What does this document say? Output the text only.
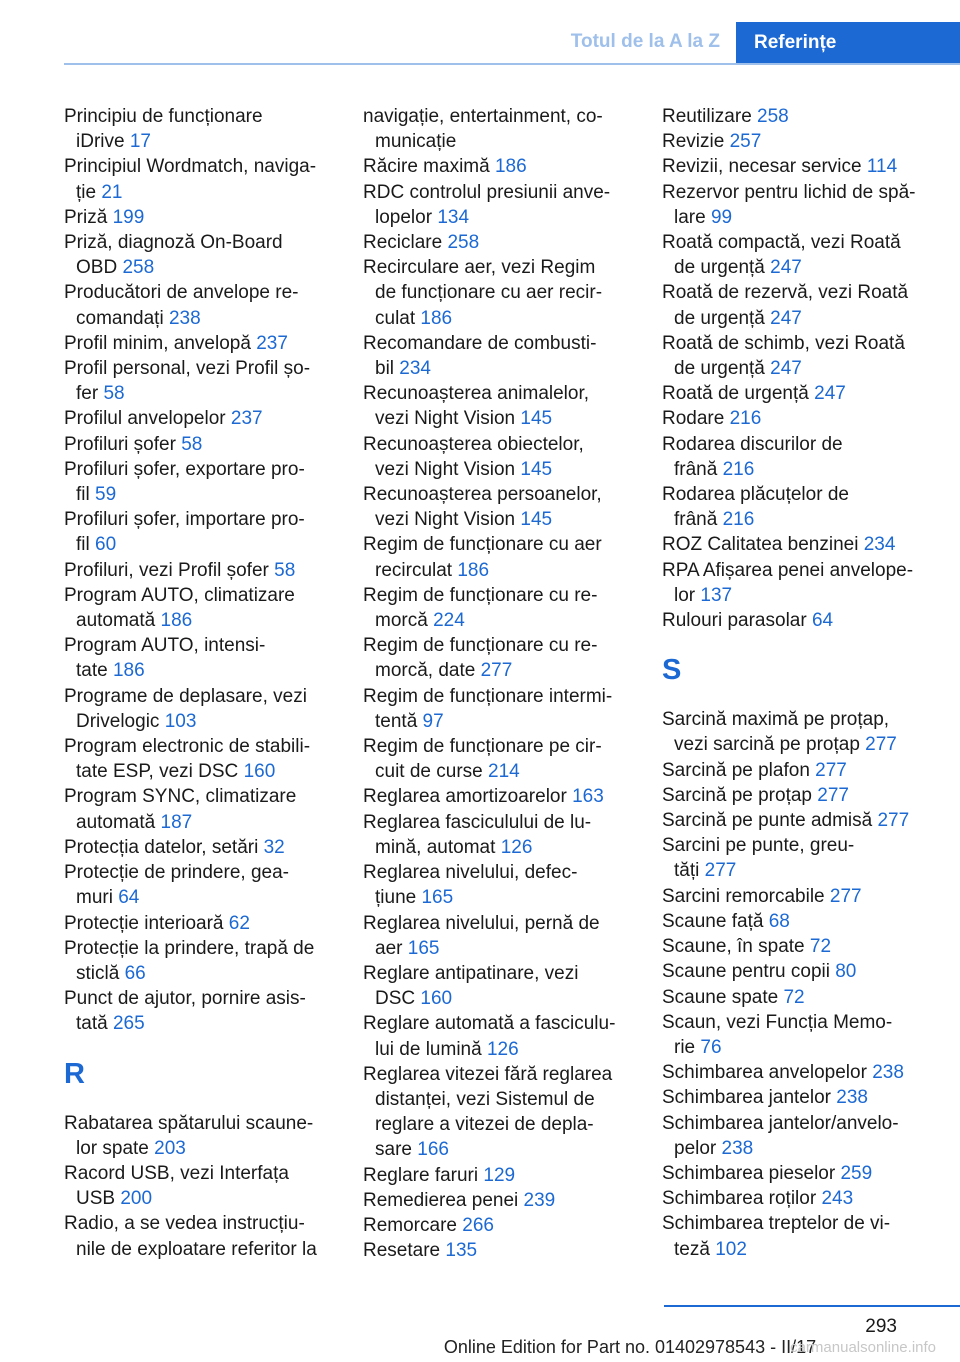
Totul de la A la Z	Referințe
Principiu de funcționare
iDrive 17
Principiul Wordmatch, naviga-
ție 21
Priză 199
Priză, diagnoză On-Board
OBD 258
Producători de anvelope re-
comandați 238
Profil minim, anvelopă 237
Profil personal, vezi Profil șo-
fer 58
Profilul anvelopelor 237
Profiluri șofer 58
Profiluri șofer, exportare pro-
fil 59
Profiluri șofer, importare pro-
fil 60
Profiluri, vezi Profil șofer 58
Program AUTO, climatizare
automată 186
Program AUTO, intensi-
tate 186
Programe de deplasare, vezi
Drivelogic 103
Program electronic de stabili-
tate ESP, vezi DSC 160
Program SYNC, climatizare
automată 187
Protecția datelor, setări 32
Protecție de prindere, gea-
muri 64
Protecție interioară 62
Protecție la prindere, trapă de
sticlă 66
Punct de ajutor, pornire asis-
tată 265
R
Rabatarea spătarului scaune-
lor spate 203
Racord USB, vezi Interfața
USB 200
Radio, a se vedea instrucțiu-
nile de exploatare referitor la
navigație, entertainment, co-
municație
Răcire maximă 186
RDC controlul presiunii anve-
lopelor 134
Reciclare 258
Recirculare aer, vezi Regim
de funcționare cu aer recir-
culat 186
Recomandare de combusti-
bil 234
Recunoașterea animalelor,
vezi Night Vision 145
Recunoașterea obiectelor,
vezi Night Vision 145
Recunoașterea persoanelor,
vezi Night Vision 145
Regim de funcționare cu aer
recirculat 186
Regim de funcționare cu re-
morcă 224
Regim de funcționare cu re-
morcă, date 277
Regim de funcționare intermi-
tentă 97
Regim de funcționare pe cir-
cuit de curse 214
Reglarea amortizoarelor 163
Reglarea fasciculului de lu-
mină, automat 126
Reglarea nivelului, defec-
țiune 165
Reglarea nivelului, pernă de
aer 165
Reglare antipatinare, vezi
DSC 160
Reglare automată a fasciculu-
lui de lumină 126
Reglarea vitezei fără reglarea
distanței, vezi Sistemul de
reglare a vitezei de depla-
sare 166
Reglare faruri 129
Remedierea penei 239
Remorcare 266
Resetare 135
Reutilizare 258
Revizie 257
Revizii, necesar service 114
Rezervor pentru lichid de spă-
lare 99
Roată compactă, vezi Roată
de urgență 247
Roată de rezervă, vezi Roată
de urgență 247
Roată de schimb, vezi Roată
de urgență 247
Roată de urgență 247
Rodare 216
Rodarea discurilor de
frână 216
Rodarea plăcuțelor de
frână 216
ROZ Calitatea benzinei 234
RPA Afișarea penei anvelope-
lor 137
Rulouri parasolar 64
S
Sarcină maximă pe proțap,
vezi sarcină pe proțap 277
Sarcină pe plafon 277
Sarcină pe proțap 277
Sarcină pe punte admisă 277
Sarcini pe punte, greu-
tăți 277
Sarcini remorcabile 277
Scaune față 68
Scaune, în spate 72
Scaune pentru copii 80
Scaune spate 72
Scaun, vezi Funcția Memo-
rie 76
Schimbarea anvelopelor 238
Schimbarea jantelor 238
Schimbarea jantelor/anvelo-
pelor 238
Schimbarea pieselor 259
Schimbarea roților 243
Schimbarea treptelor de vi-
teză 102
293
Online Edition for Part no. 01402978543 - II/17
carmanualsonline.info
